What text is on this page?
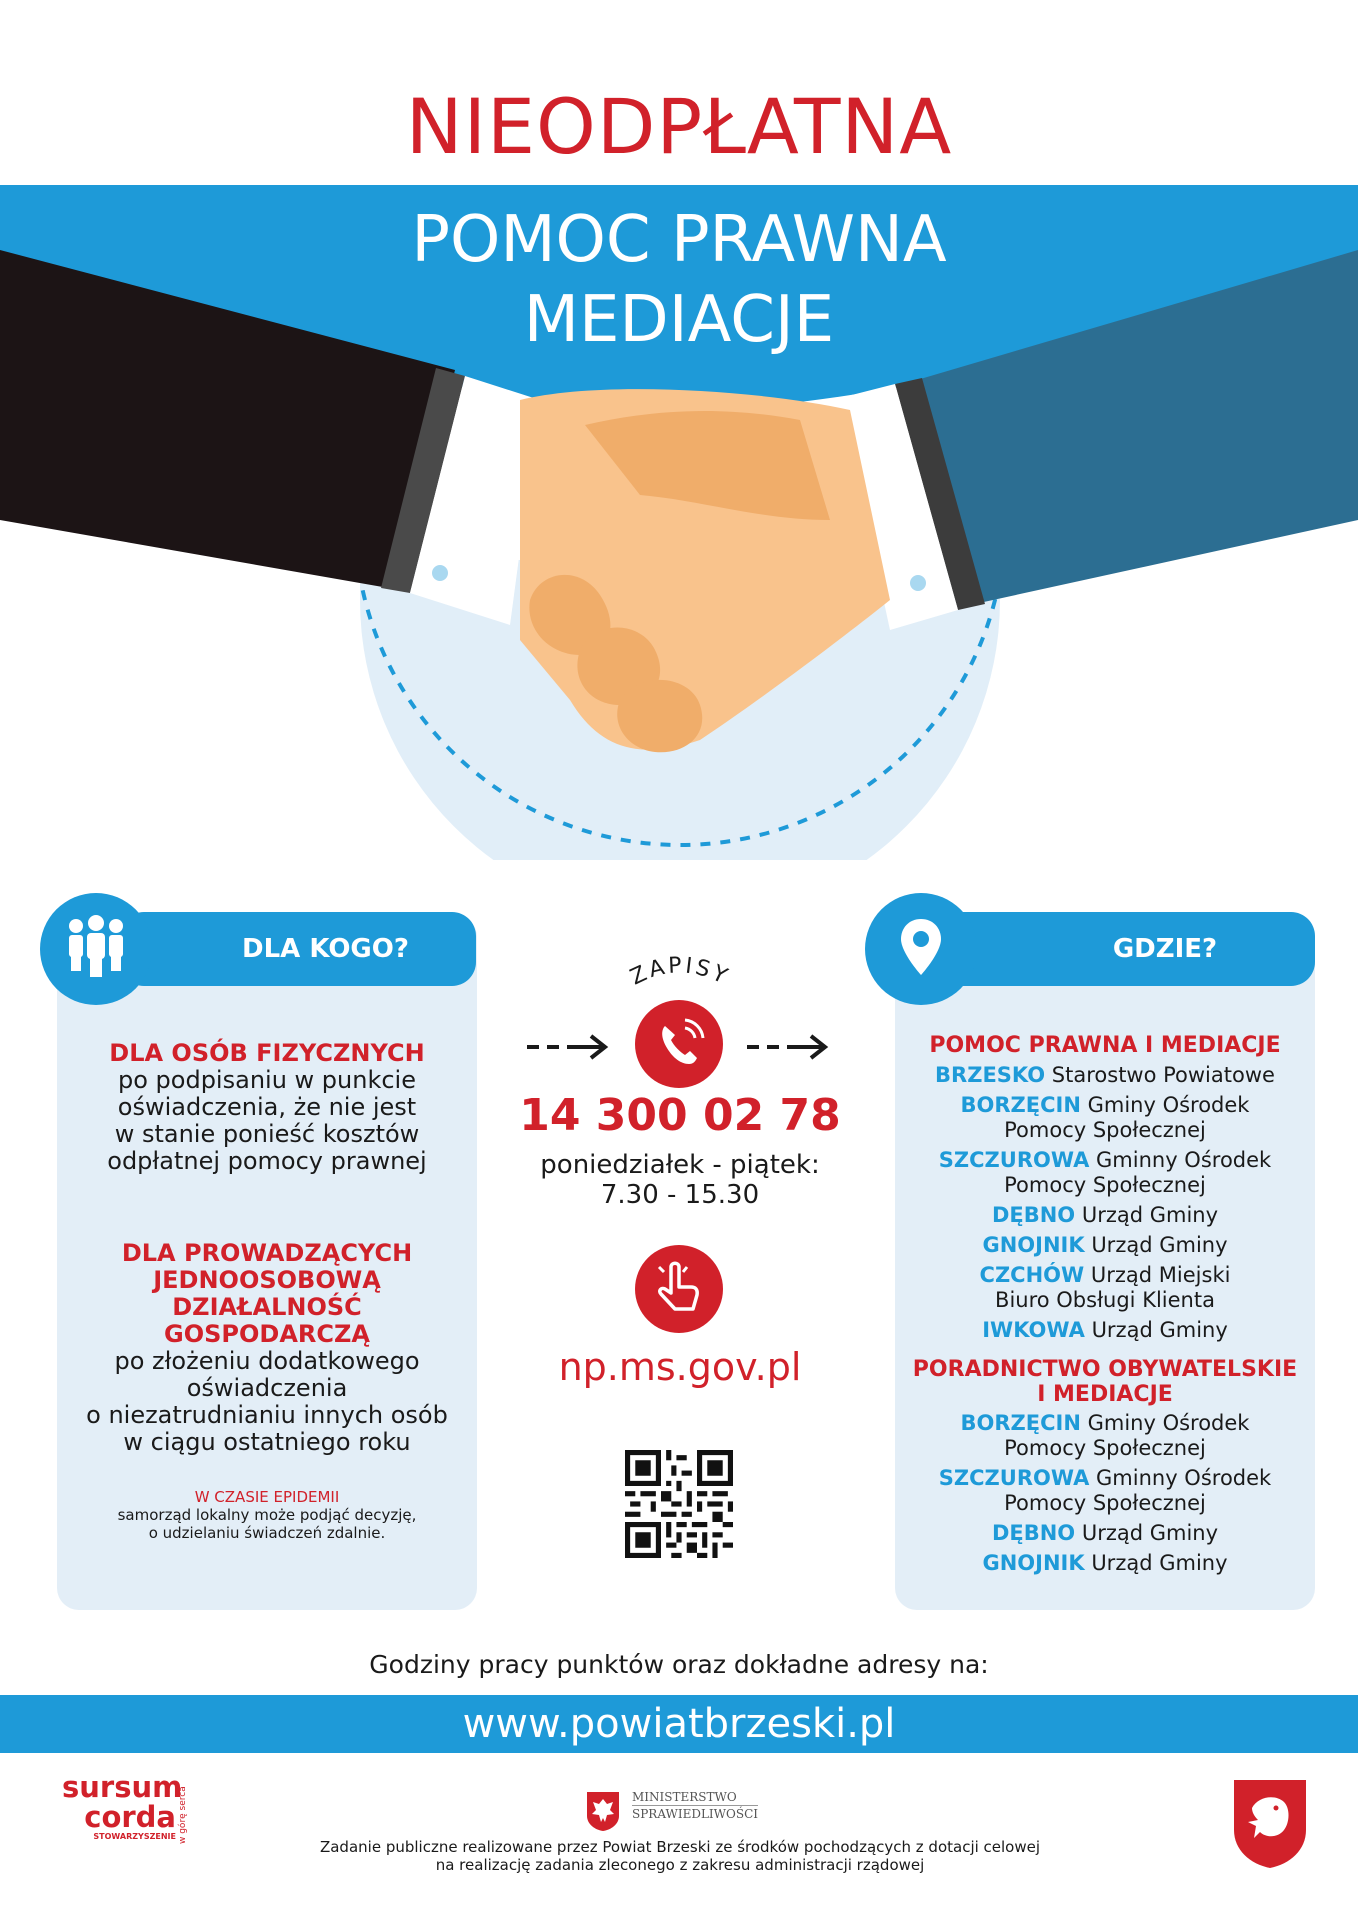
NIEODPŁATNA
POMOC PRAWNA
MEDIACJE
DLA KOGO?
DLA OSÓB FIZYCZNYCH
po podpisaniu w punkcie
oświadczenia, że nie jest
w stanie ponieść kosztów
odpłatnej pomocy prawnej
DLA PROWADZĄCYCH
JEDNOOSOBOWĄ
DZIAŁALNOŚĆ GOSPODARCZĄ
po złożeniu dodatkowego
oświadczenia
o niezatrudnianiu innych osób
w ciągu ostatniego roku
W CZASIE EPIDEMII
samorząd lokalny może podjąć decyzję,
o udzielaniu świadczeń zdalnie.
ZAPISY
14 300 02 78
poniedziałek - piątek:
7.30 - 15.30
np.ms.gov.pl
GDZIE?
POMOC PRAWNA I MEDIACJE
BRZESKO Starostwo Powiatowe
BORZĘCIN Gminy Ośrodek
Pomocy Społecznej
SZCZUROWA Gminny Ośrodek
Pomocy Społecznej
DĘBNO Urząd Gminy
GNOJNIK Urząd Gminy
CZCHÓW Urząd Miejski
Biuro Obsługi Klienta
IWKOWA Urząd Gminy
PORADNICTWO OBYWATELSKIE
I MEDIACJE
BORZĘCIN Gminy Ośrodek
Pomocy Społecznej
SZCZUROWA Gminny Ośrodek
Pomocy Społecznej
DĘBNO Urząd Gminy
GNOJNIK Urząd Gminy
Godziny pracy punktów oraz dokładne adresy na:
www.powiatbrzeski.pl
sursum
corda
STOWARZYSZENIE w górę serca	MINISTERSTWO
SPRAWIEDLIWOŚCI
Zadanie publiczne realizowane przez Powiat Brzeski ze środków pochodzących z dotacji celowej
na realizację zadania zleconego z zakresu administracji rządowej
